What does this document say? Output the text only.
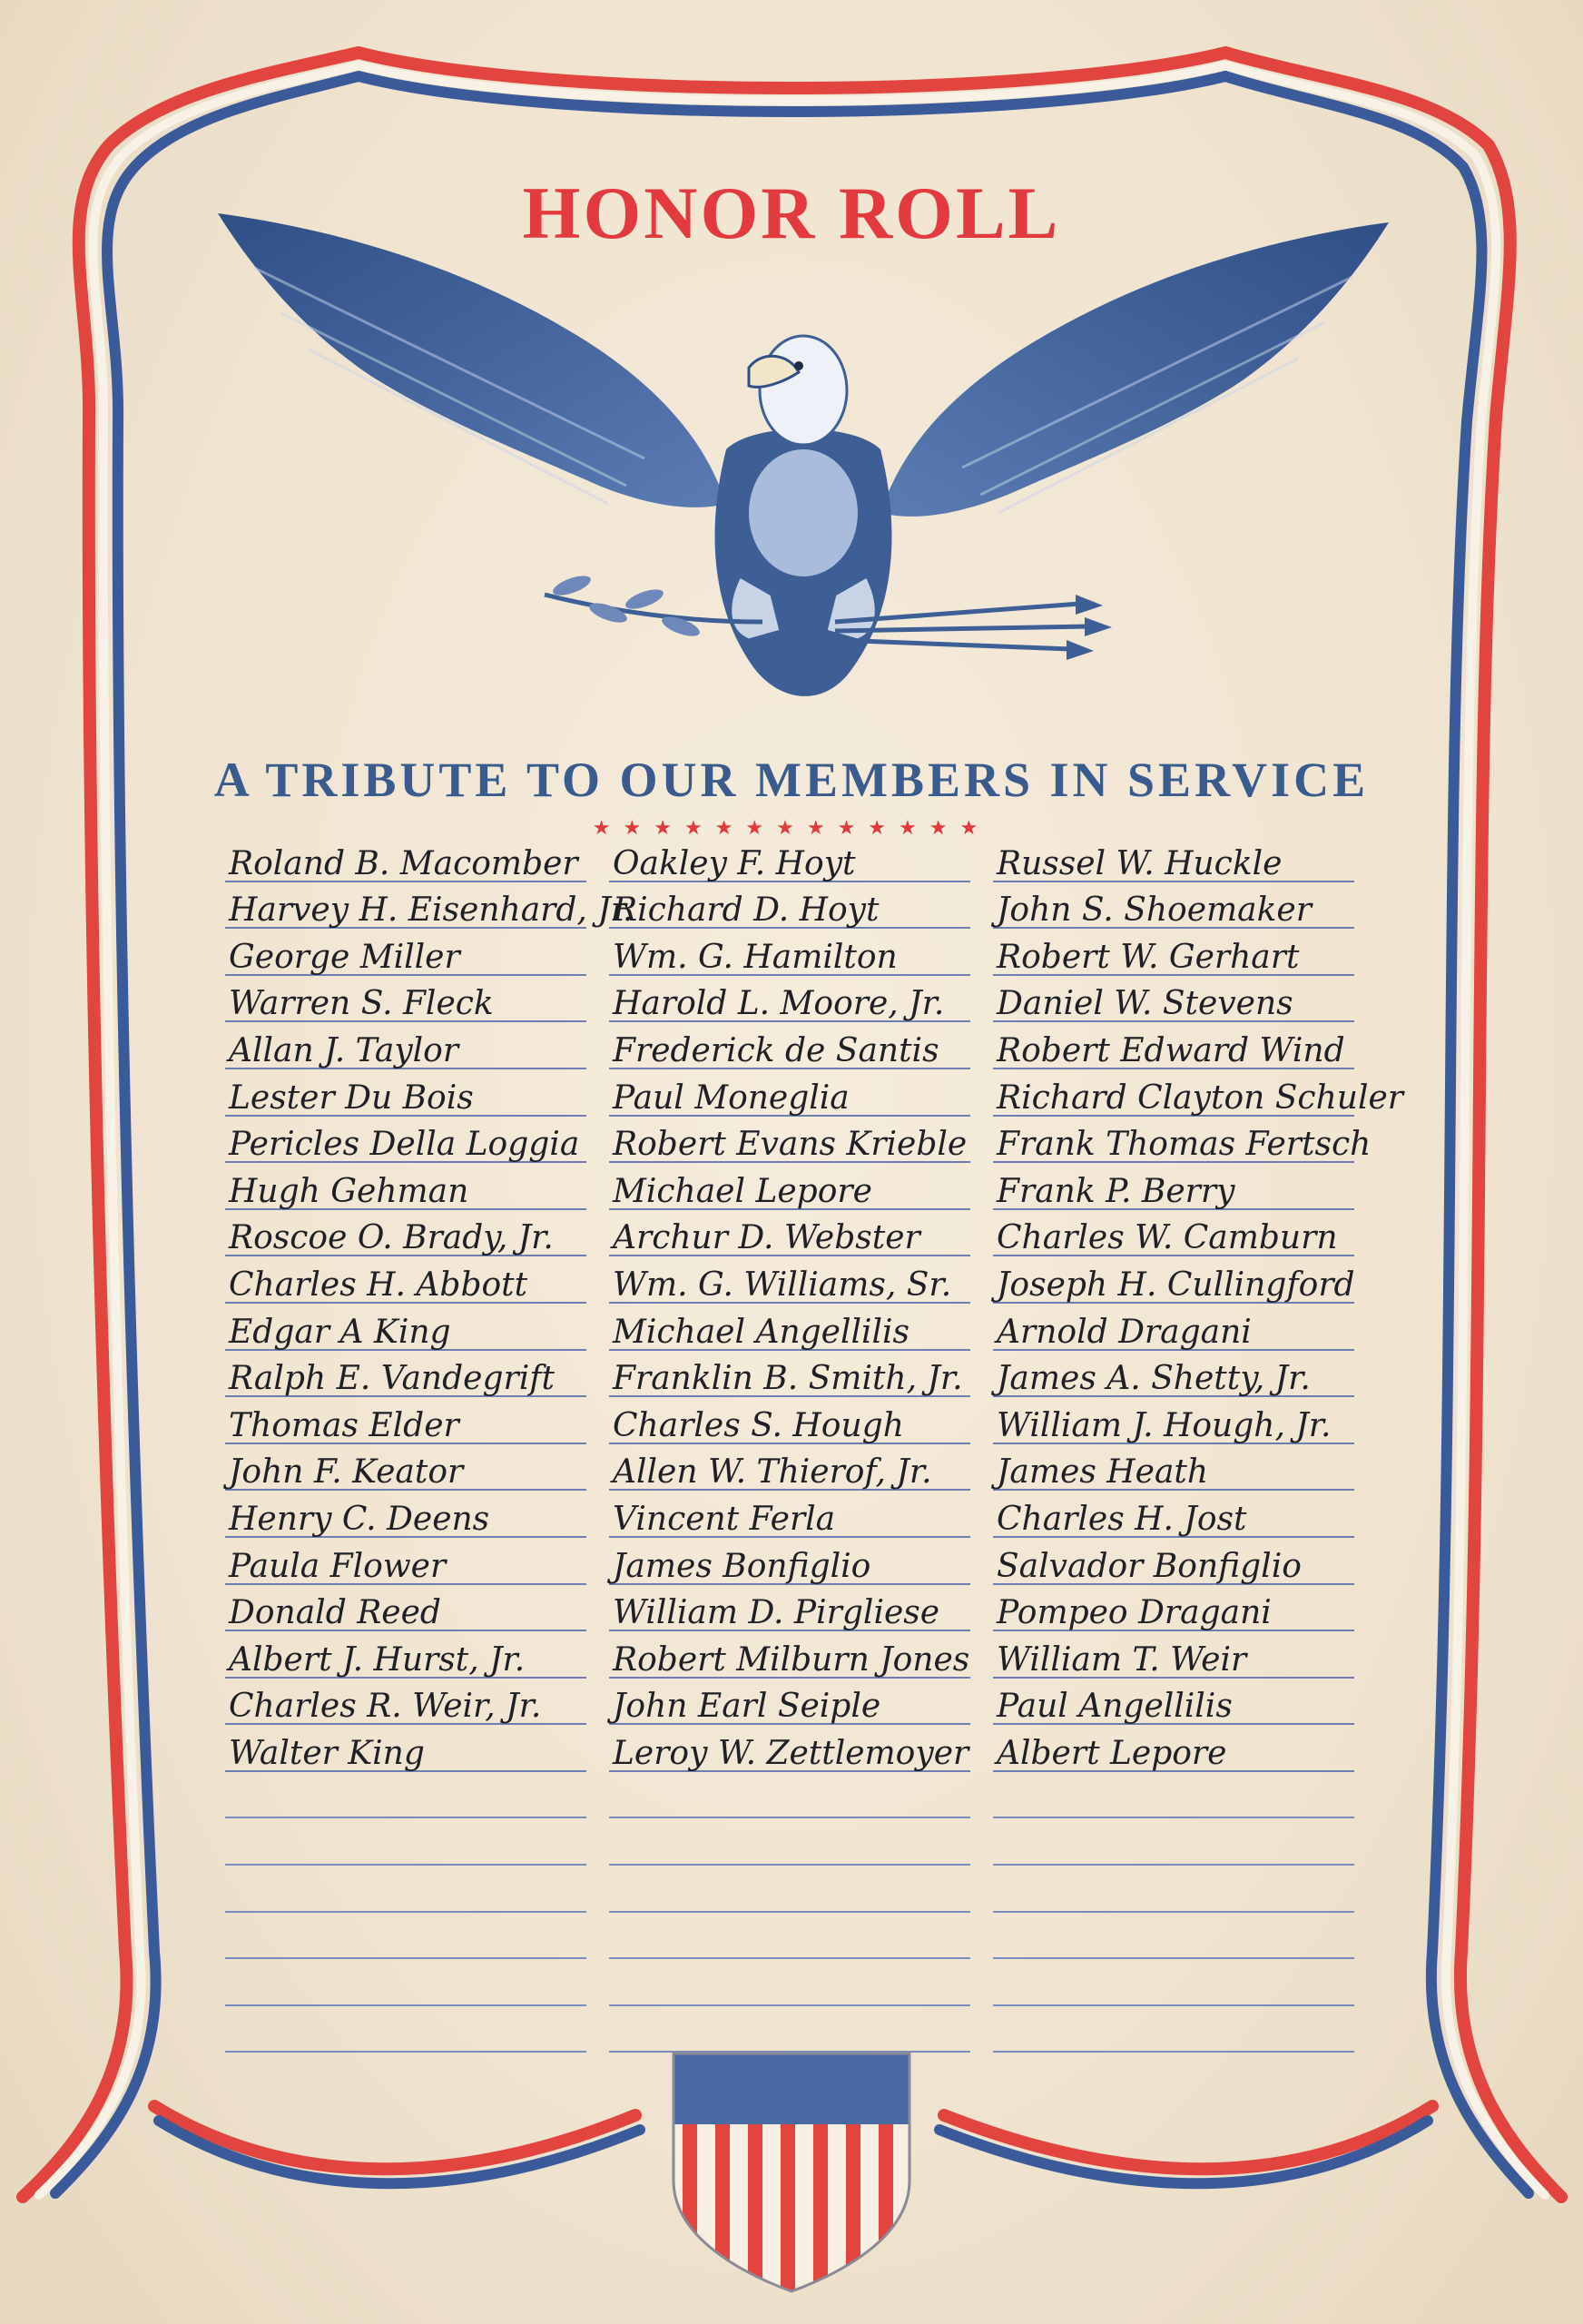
HONOR ROLL
A TRIBUTE TO OUR MEMBERS IN SERVICE
★★★★★★★★★★★★★
Roland B. Macomber
Harvey H. Eisenhard, Jr.
George Miller
Warren S. Fleck
Allan J. Taylor
Lester Du Bois
Pericles Della Loggia
Hugh Gehman
Roscoe O. Brady, Jr.
Charles H. Abbott
Edgar A King
Ralph E. Vandegrift
Thomas Elder
John F. Keator
Henry C. Deens
Paula Flower
Donald Reed
Albert J. Hurst, Jr.
Charles R. Weir, Jr.
Walter King
Oakley F. Hoyt
Richard D. Hoyt
Wm. G. Hamilton
Harold L. Moore, Jr.
Frederick de Santis
Paul Moneglia
Robert Evans Krieble
Michael Lepore
Archur D. Webster
Wm. G. Williams, Sr.
Michael Angellilis
Franklin B. Smith, Jr.
Charles S. Hough
Allen W. Thierof, Jr.
Vincent Ferla
James Bonfiglio
William D. Pirgliese
Robert Milburn Jones
John Earl Seiple
Leroy W. Zettlemoyer
Russel W. Huckle
John S. Shoemaker
Robert W. Gerhart
Daniel W. Stevens
Robert Edward Wind
Richard Clayton Schuler
Frank Thomas Fertsch
Frank P. Berry
Charles W. Camburn
Joseph H. Cullingford
Arnold Dragani
James A. Shetty, Jr.
William J. Hough, Jr.
James Heath
Charles H. Jost
Salvador Bonfiglio
Pompeo Dragani
William T. Weir
Paul Angellilis
Albert Lepore
